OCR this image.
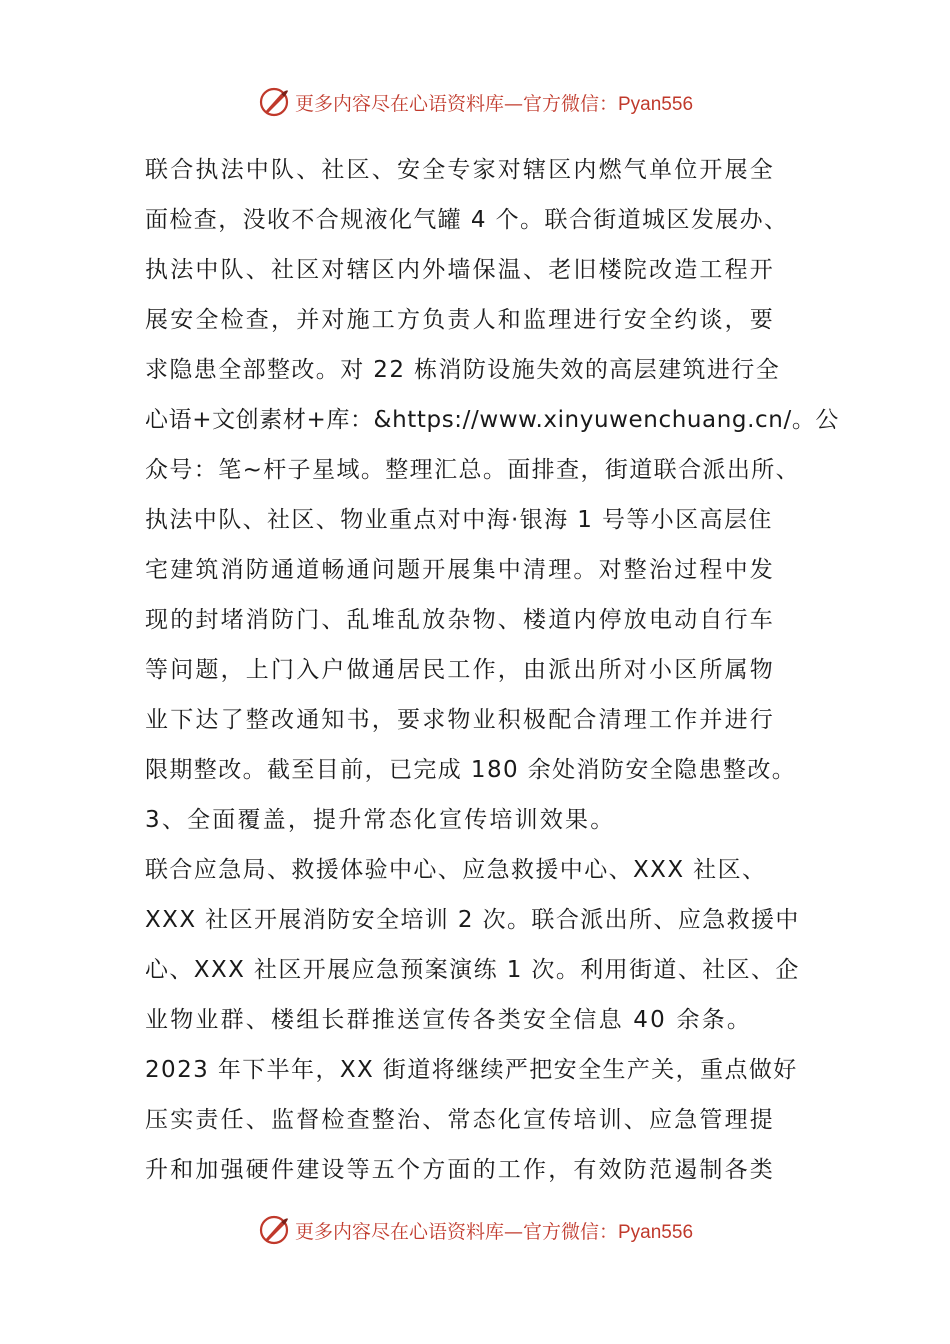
更多内容尽在心语资料库—官方微信：Pyan556

联合执法中队、社区、安全专家对辖区内燃气单位开展全

面检查，没收不合规液化气罐 4 个。联合街道城区发展办、

执法中队、社区对辖区内外墙保温、老旧楼院改造工程开

展安全检查，并对施工方负责人和监理进行安全约谈，要

求隐患全部整改。对 22 栋消防设施失效的高层建筑进行全

心语+文创素材+库：&https://www.xinyuwenchuang.cn/。公

众号：笔~杆子星域。整理汇总。面排查，街道联合派出所、

执法中队、社区、物业重点对中海·银海 1 号等小区高层住

宅建筑消防通道畅通问题开展集中清理。对整治过程中发

现的封堵消防门、乱堆乱放杂物、楼道内停放电动自行车

等问题，上门入户做通居民工作，由派出所对小区所属物

业下达了整改通知书，要求物业积极配合清理工作并进行

限期整改。截至目前，已完成 180 余处消防安全隐患整改。

3、全面覆盖，提升常态化宣传培训效果。

联合应急局、救援体验中心、应急救援中心、XXX 社区、

XXX 社区开展消防安全培训 2 次。联合派出所、应急救援中

心、XXX 社区开展应急预案演练 1 次。利用街道、社区、企

业物业群、楼组长群推送宣传各类安全信息 40 余条。

2023 年下半年，XX 街道将继续严把安全生产关，重点做好

压实责任、监督检查整治、常态化宣传培训、应急管理提

升和加强硬件建设等五个方面的工作，有效防范遏制各类

更多内容尽在心语资料库—官方微信：Pyan556
